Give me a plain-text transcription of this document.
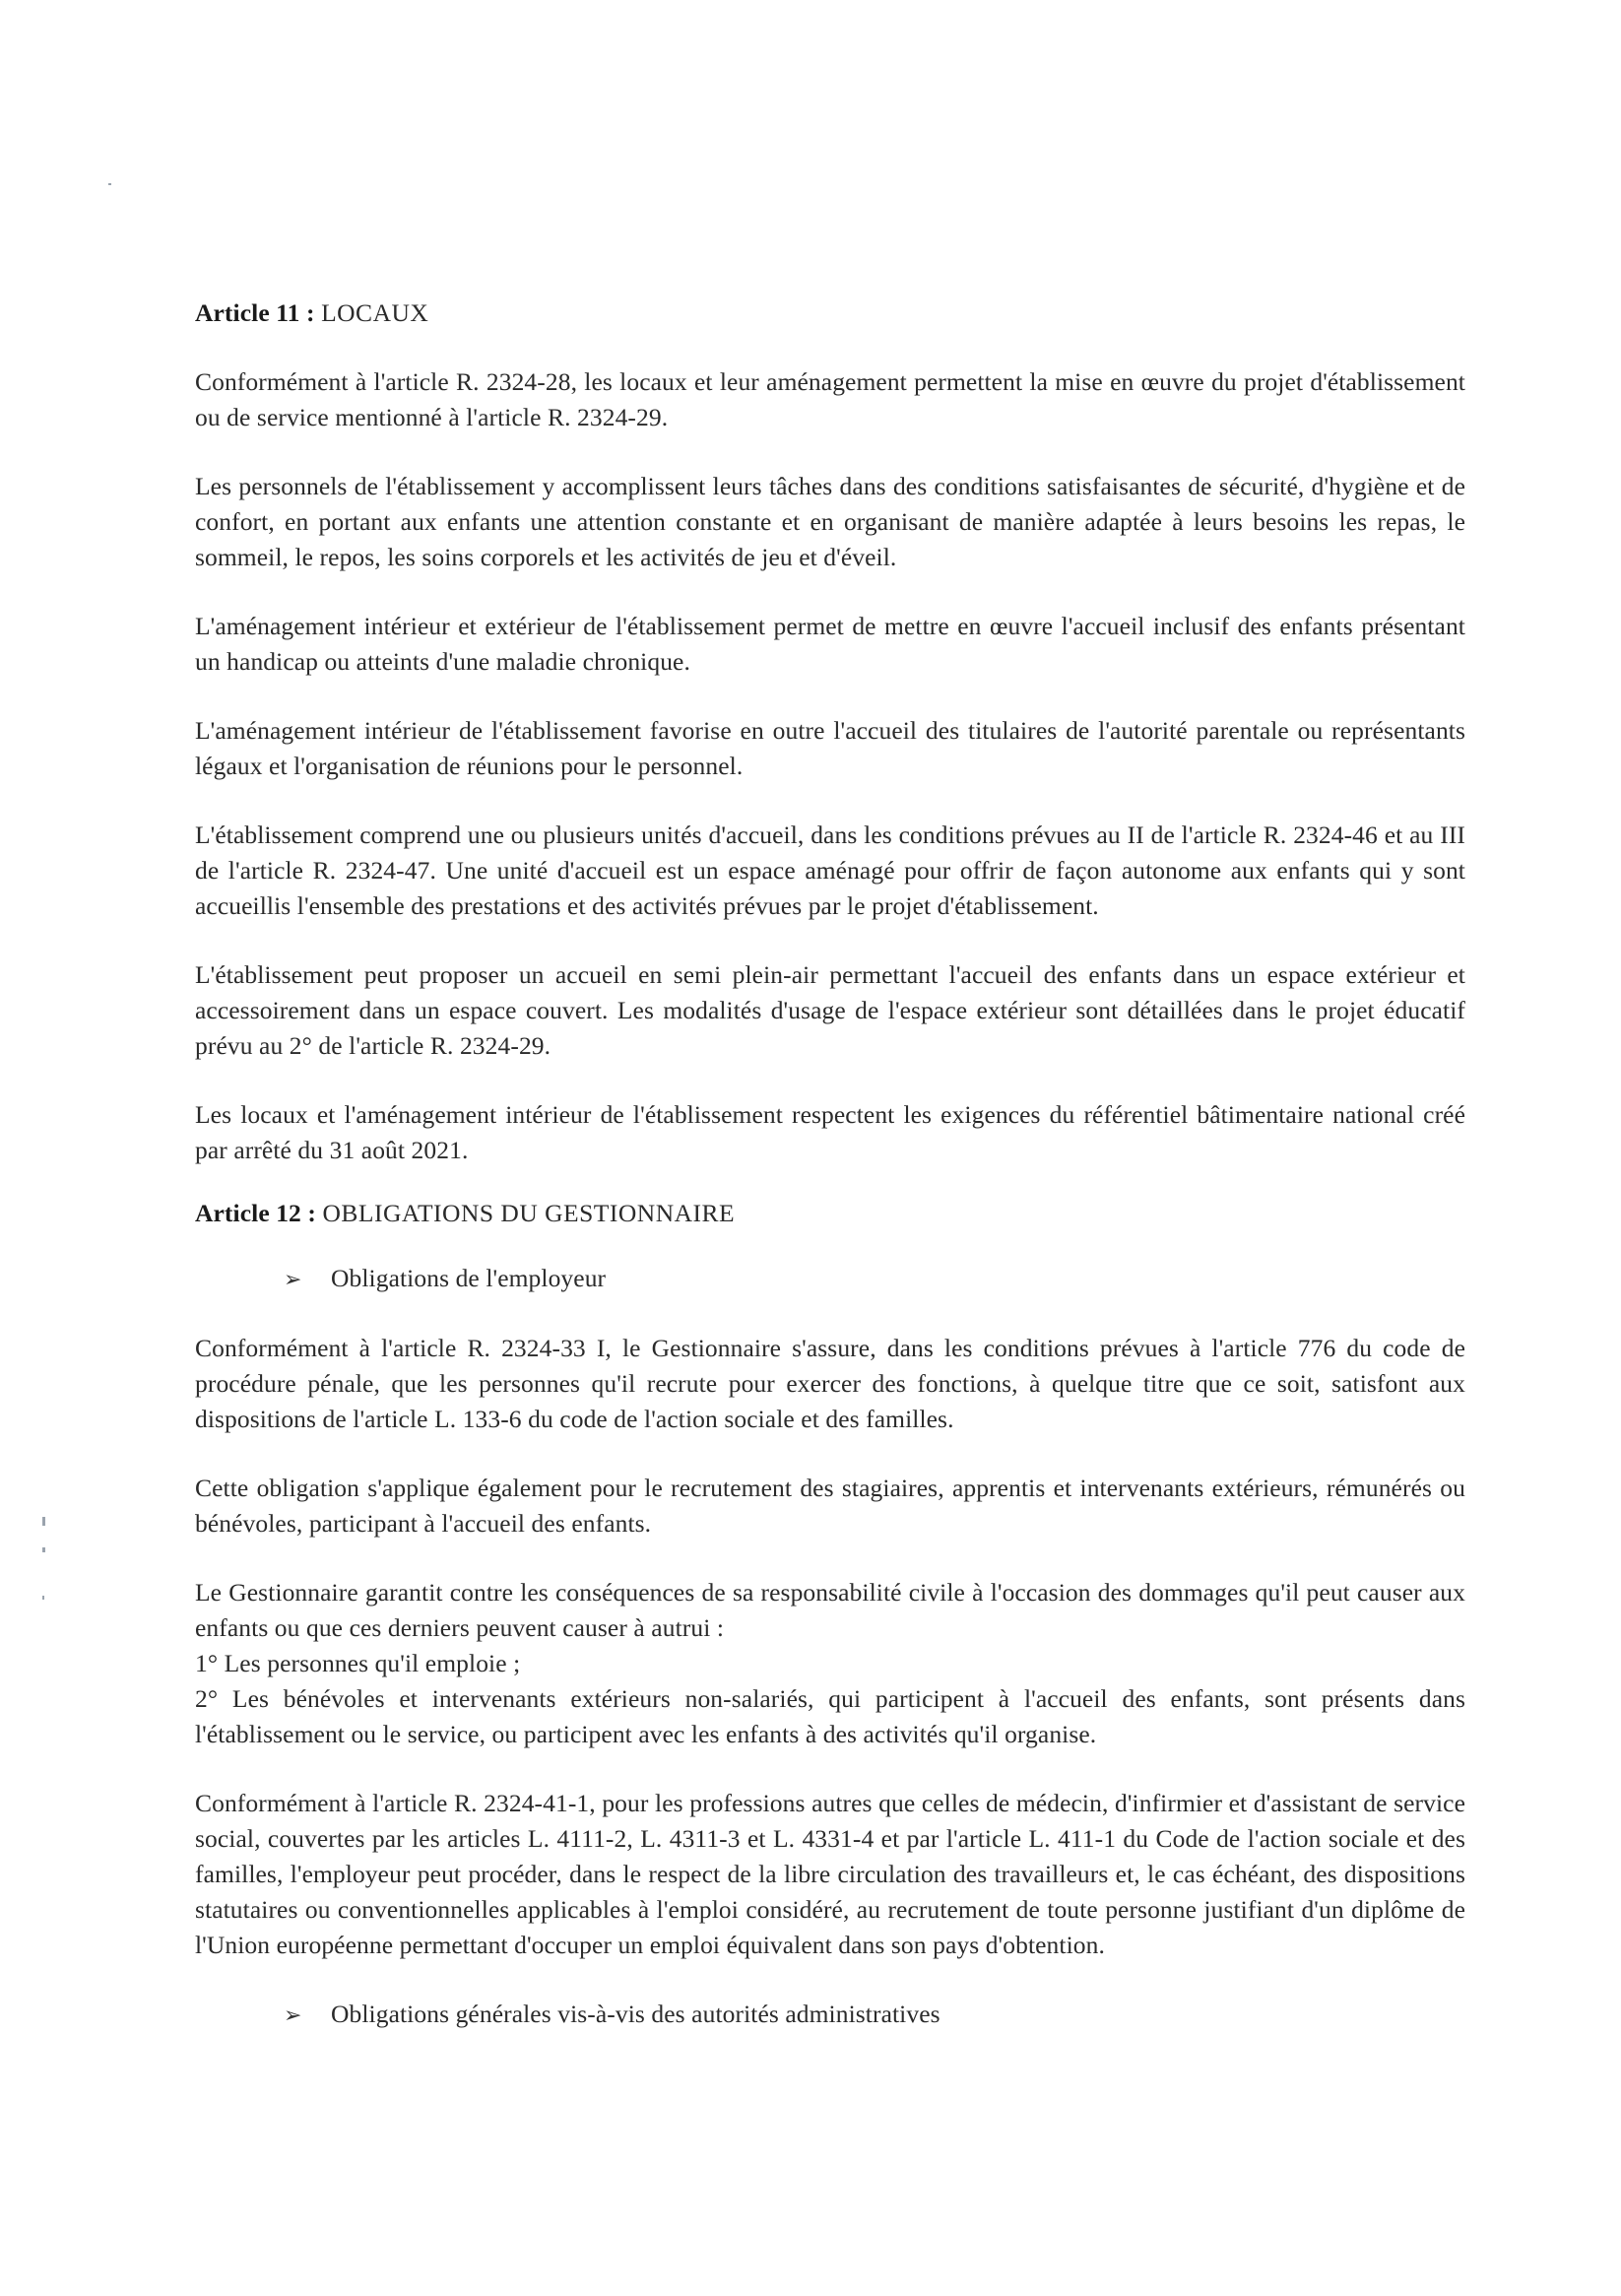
Article 11 : LOCAUX

Conformément à l'article R. 2324-28, les locaux et leur aménagement permettent la mise en œuvre du projet d'établissement ou de service mentionné à l'article R. 2324-29.

Les personnels de l'établissement y accomplissent leurs tâches dans des conditions satisfaisantes de sécurité, d'hygiène et de confort, en portant aux enfants une attention constante et en organisant de manière adaptée à leurs besoins les repas, le sommeil, le repos, les soins corporels et les activités de jeu et d'éveil.

L'aménagement intérieur et extérieur de l'établissement permet de mettre en œuvre l'accueil inclusif des enfants présentant un handicap ou atteints d'une maladie chronique.

L'aménagement intérieur de l'établissement favorise en outre l'accueil des titulaires de l'autorité parentale ou représentants légaux et l'organisation de réunions pour le personnel.

L'établissement comprend une ou plusieurs unités d'accueil, dans les conditions prévues au II de l'article R. 2324-46 et au III de l'article R. 2324-47. Une unité d'accueil est un espace aménagé pour offrir de façon autonome aux enfants qui y sont accueillis l'ensemble des prestations et des activités prévues par le projet d'établissement.

L'établissement peut proposer un accueil en semi plein-air permettant l'accueil des enfants dans un espace extérieur et accessoirement dans un espace couvert. Les modalités d'usage de l'espace extérieur sont détaillées dans le projet éducatif prévu au 2° de l'article R. 2324-29.

Les locaux et l'aménagement intérieur de l'établissement respectent les exigences du référentiel bâtimentaire national créé par arrêté du 31 août 2021.

Article 12 : OBLIGATIONS DU GESTIONNAIRE
➢	Obligations de l'employeur

Conformément à l'article R. 2324-33 I, le Gestionnaire s'assure, dans les conditions prévues à l'article 776 du code de procédure pénale, que les personnes qu'il recrute pour exercer des fonctions, à quelque titre que ce soit, satisfont aux dispositions de l'article L. 133-6 du code de l'action sociale et des familles.

Cette obligation s'applique également pour le recrutement des stagiaires, apprentis et intervenants extérieurs, rémunérés ou bénévoles, participant à l'accueil des enfants.

Le Gestionnaire garantit contre les conséquences de sa responsabilité civile à l'occasion des dommages qu'il peut causer aux enfants ou que ces derniers peuvent causer à autrui :

1° Les personnes qu'il emploie ;

2° Les bénévoles et intervenants extérieurs non-salariés, qui participent à l'accueil des enfants, sont présents dans l'établissement ou le service, ou participent avec les enfants à des activités qu'il organise.

Conformément à l'article R. 2324-41-1, pour les professions autres que celles de médecin, d'infirmier et d'assistant de service social, couvertes par les articles L. 4111-2, L. 4311-3 et L. 4331-4 et par l'article L. 411-1 du Code de l'action sociale et des familles, l'employeur peut procéder, dans le respect de la libre circulation des travailleurs et, le cas échéant, des dispositions statutaires ou conventionnelles applicables à l'emploi considéré, au recrutement de toute personne justifiant d'un diplôme de l'Union européenne permettant d'occuper un emploi équivalent dans son pays d'obtention.

➢	Obligations générales vis-à-vis des autorités administratives
